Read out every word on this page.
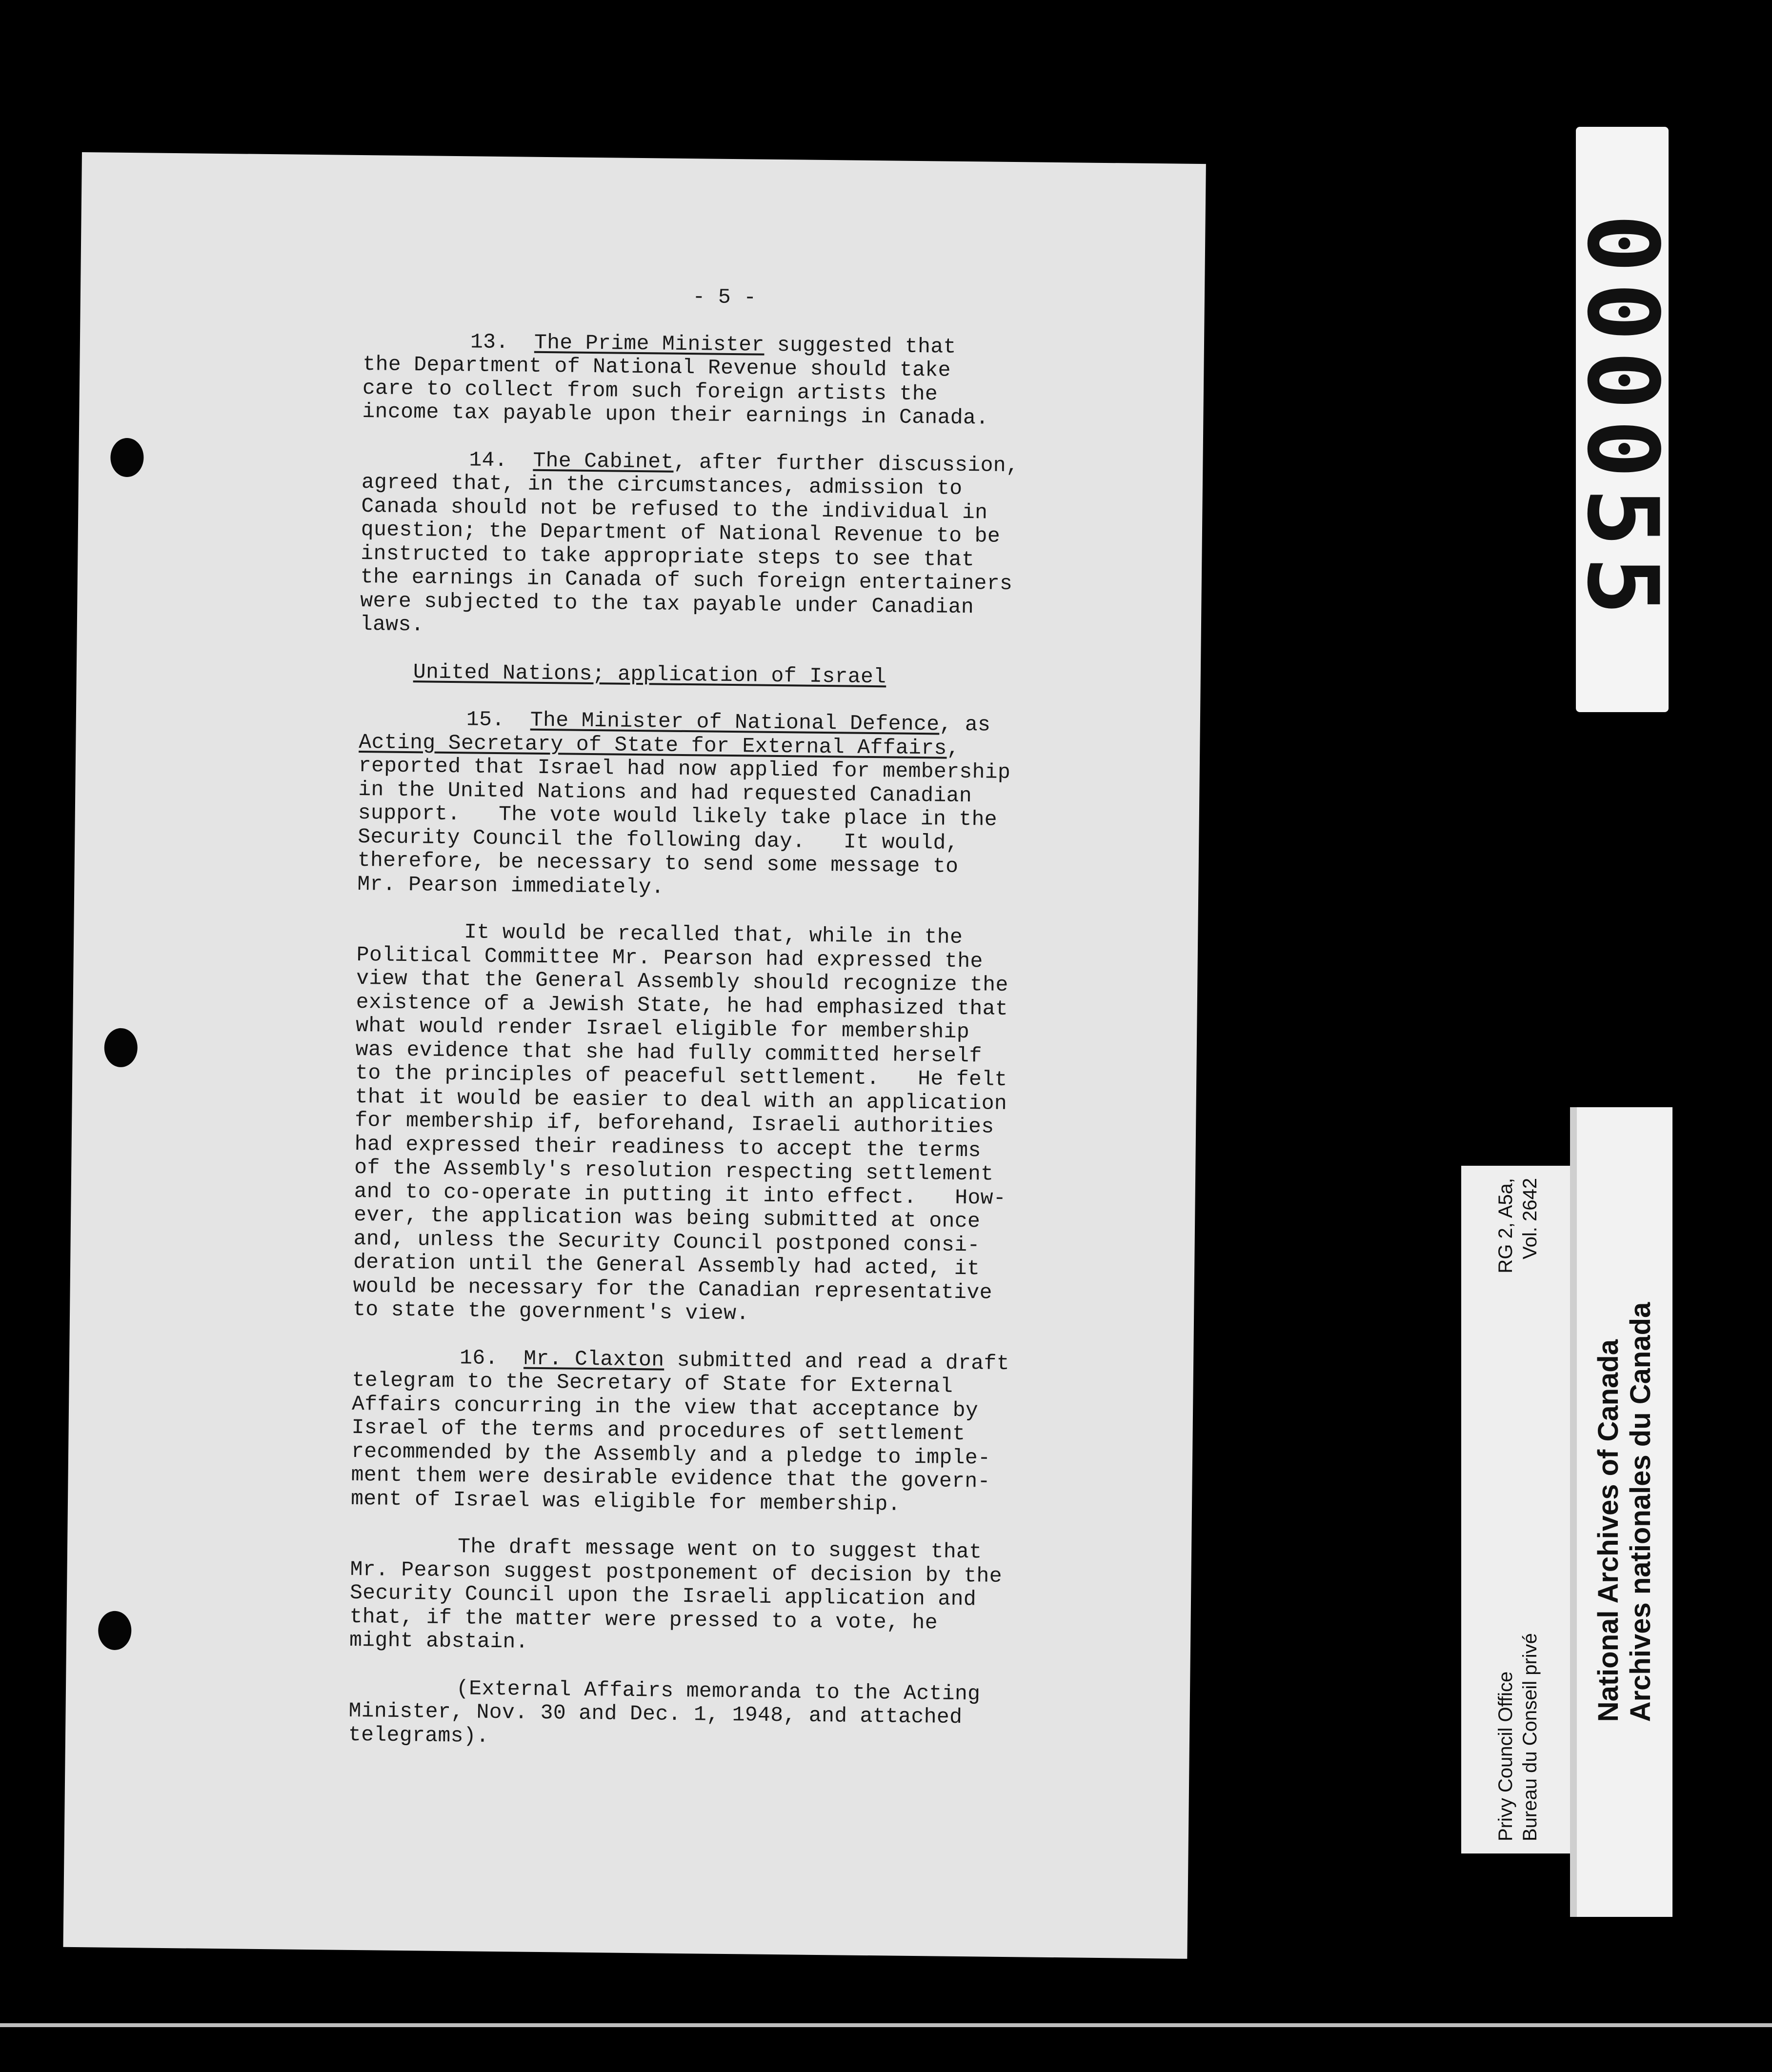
- 5 -

13. The Prime Minister suggested that
the Department of National Revenue should take
care to collect from such foreign artists the
income tax payable upon their earnings in Canada.

14. The Cabinet, after further discussion,
agreed that, in the circumstances, admission to
Canada should not be refused to the individual in
question; the Department of National Revenue to be
instructed to take appropriate steps to see that
the earnings in Canada of such foreign entertainers
were subjected to the tax payable under Canadian
laws.

United Nations; application of Israel

15. The Minister of National Defence, as
Acting Secretary of State for External Affairs,
reported that Israel had now applied for membership
in the United Nations and had requested Canadian
support.   The vote would likely take place in the
Security Council the following day.   It would,
therefore, be necessary to send some message to
Mr. Pearson immediately.

It would be recalled that, while in the
Political Committee Mr. Pearson had expressed the
view that the General Assembly should recognize the
existence of a Jewish State, he had emphasized that
what would render Israel eligible for membership
was evidence that she had fully committed herself
to the principles of peaceful settlement.   He felt
that it would be easier to deal with an application
for membership if, beforehand, Israeli authorities
had expressed their readiness to accept the terms
of the Assembly's resolution respecting settlement
and to co-operate in putting it into effect.   How-
ever, the application was being submitted at once
and, unless the Security Council postponed consi-
deration until the General Assembly had acted, it
would be necessary for the Canadian representative
to state the government's view.

16. Mr. Claxton submitted and read a draft
telegram to the Secretary of State for External
Affairs concurring in the view that acceptance by
Israel of the terms and procedures of settlement
recommended by the Assembly and a pledge to imple-
ment them were desirable evidence that the govern-
ment of Israel was eligible for membership.

The draft message went on to suggest that
Mr. Pearson suggest postponement of decision by the
Security Council upon the Israeli application and
that, if the matter were pressed to a vote, he
might abstain.

(External Affairs memoranda to the Acting
Minister, Nov. 30 and Dec. 1, 1948, and attached
telegrams).

000055
Privy Council Office
RG 2, A5a,
Bureau du Conseil privé
Vol. 2642
National Archives of Canada Archives nationales du Canada
